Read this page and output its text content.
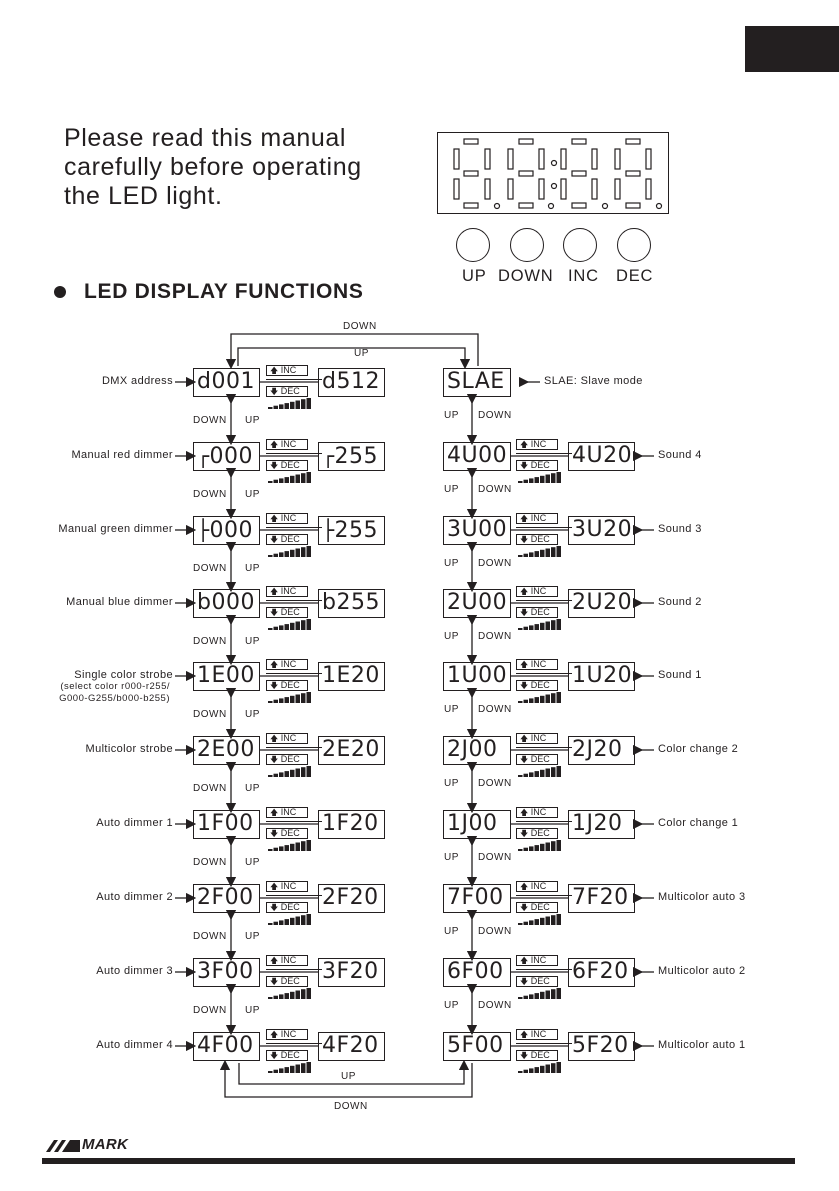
Please read this manual
carefully before operating
the LED light.
UP DOWN INC DEC
LED DISPLAY FUNCTIONS
DOWN
UP
UP
DOWN
d001	d512
🡅 INC
🡇 DEC
DMX address
DOWN UP
┌000	┌255
🡅 INC
🡇 DEC
Manual red dimmer
DOWN UP
├000	├255
🡅 INC
🡇 DEC
Manual green dimmer
DOWN UP
b000	b255
🡅 INC
🡇 DEC
Manual blue dimmer
DOWN UP
1E00	1E20
🡅 INC
🡇 DEC
Single color strobe
(select color r000-r255/
G000-G255/b000-b255)
DOWN UP
2E00	2E20
🡅 INC
🡇 DEC
Multicolor strobe
DOWN UP
1F00	1F20
🡅 INC
🡇 DEC
Auto dimmer 1
DOWN UP
2F00	2F20
🡅 INC
🡇 DEC
Auto dimmer 2
DOWN UP
3F00	3F20
🡅 INC
🡇 DEC
Auto dimmer 3
DOWN UP
4F00	4F20
🡅 INC
🡇 DEC
Auto dimmer 4
SLAE	SLAE: Slave mode
UP DOWN
4U00	4U20
🡅 INC
🡇 DEC
Sound 4
UP DOWN
3U00	3U20
🡅 INC
🡇 DEC
Sound 3
UP DOWN
2U00	2U20
🡅 INC
🡇 DEC
Sound 2
UP DOWN
1U00	1U20
🡅 INC
🡇 DEC
Sound 1
UP DOWN
2J00	2J20
🡅 INC
🡇 DEC
Color change 2
UP DOWN
1J00	1J20
🡅 INC
🡇 DEC
Color change 1
UP DOWN
7F00	7F20
🡅 INC
🡇 DEC
Multicolor auto 3
UP DOWN
6F00	6F20
🡅 INC
🡇 DEC
Multicolor auto 2
UP DOWN
5F00	5F20
🡅 INC
🡇 DEC
Multicolor auto 1
MARK
